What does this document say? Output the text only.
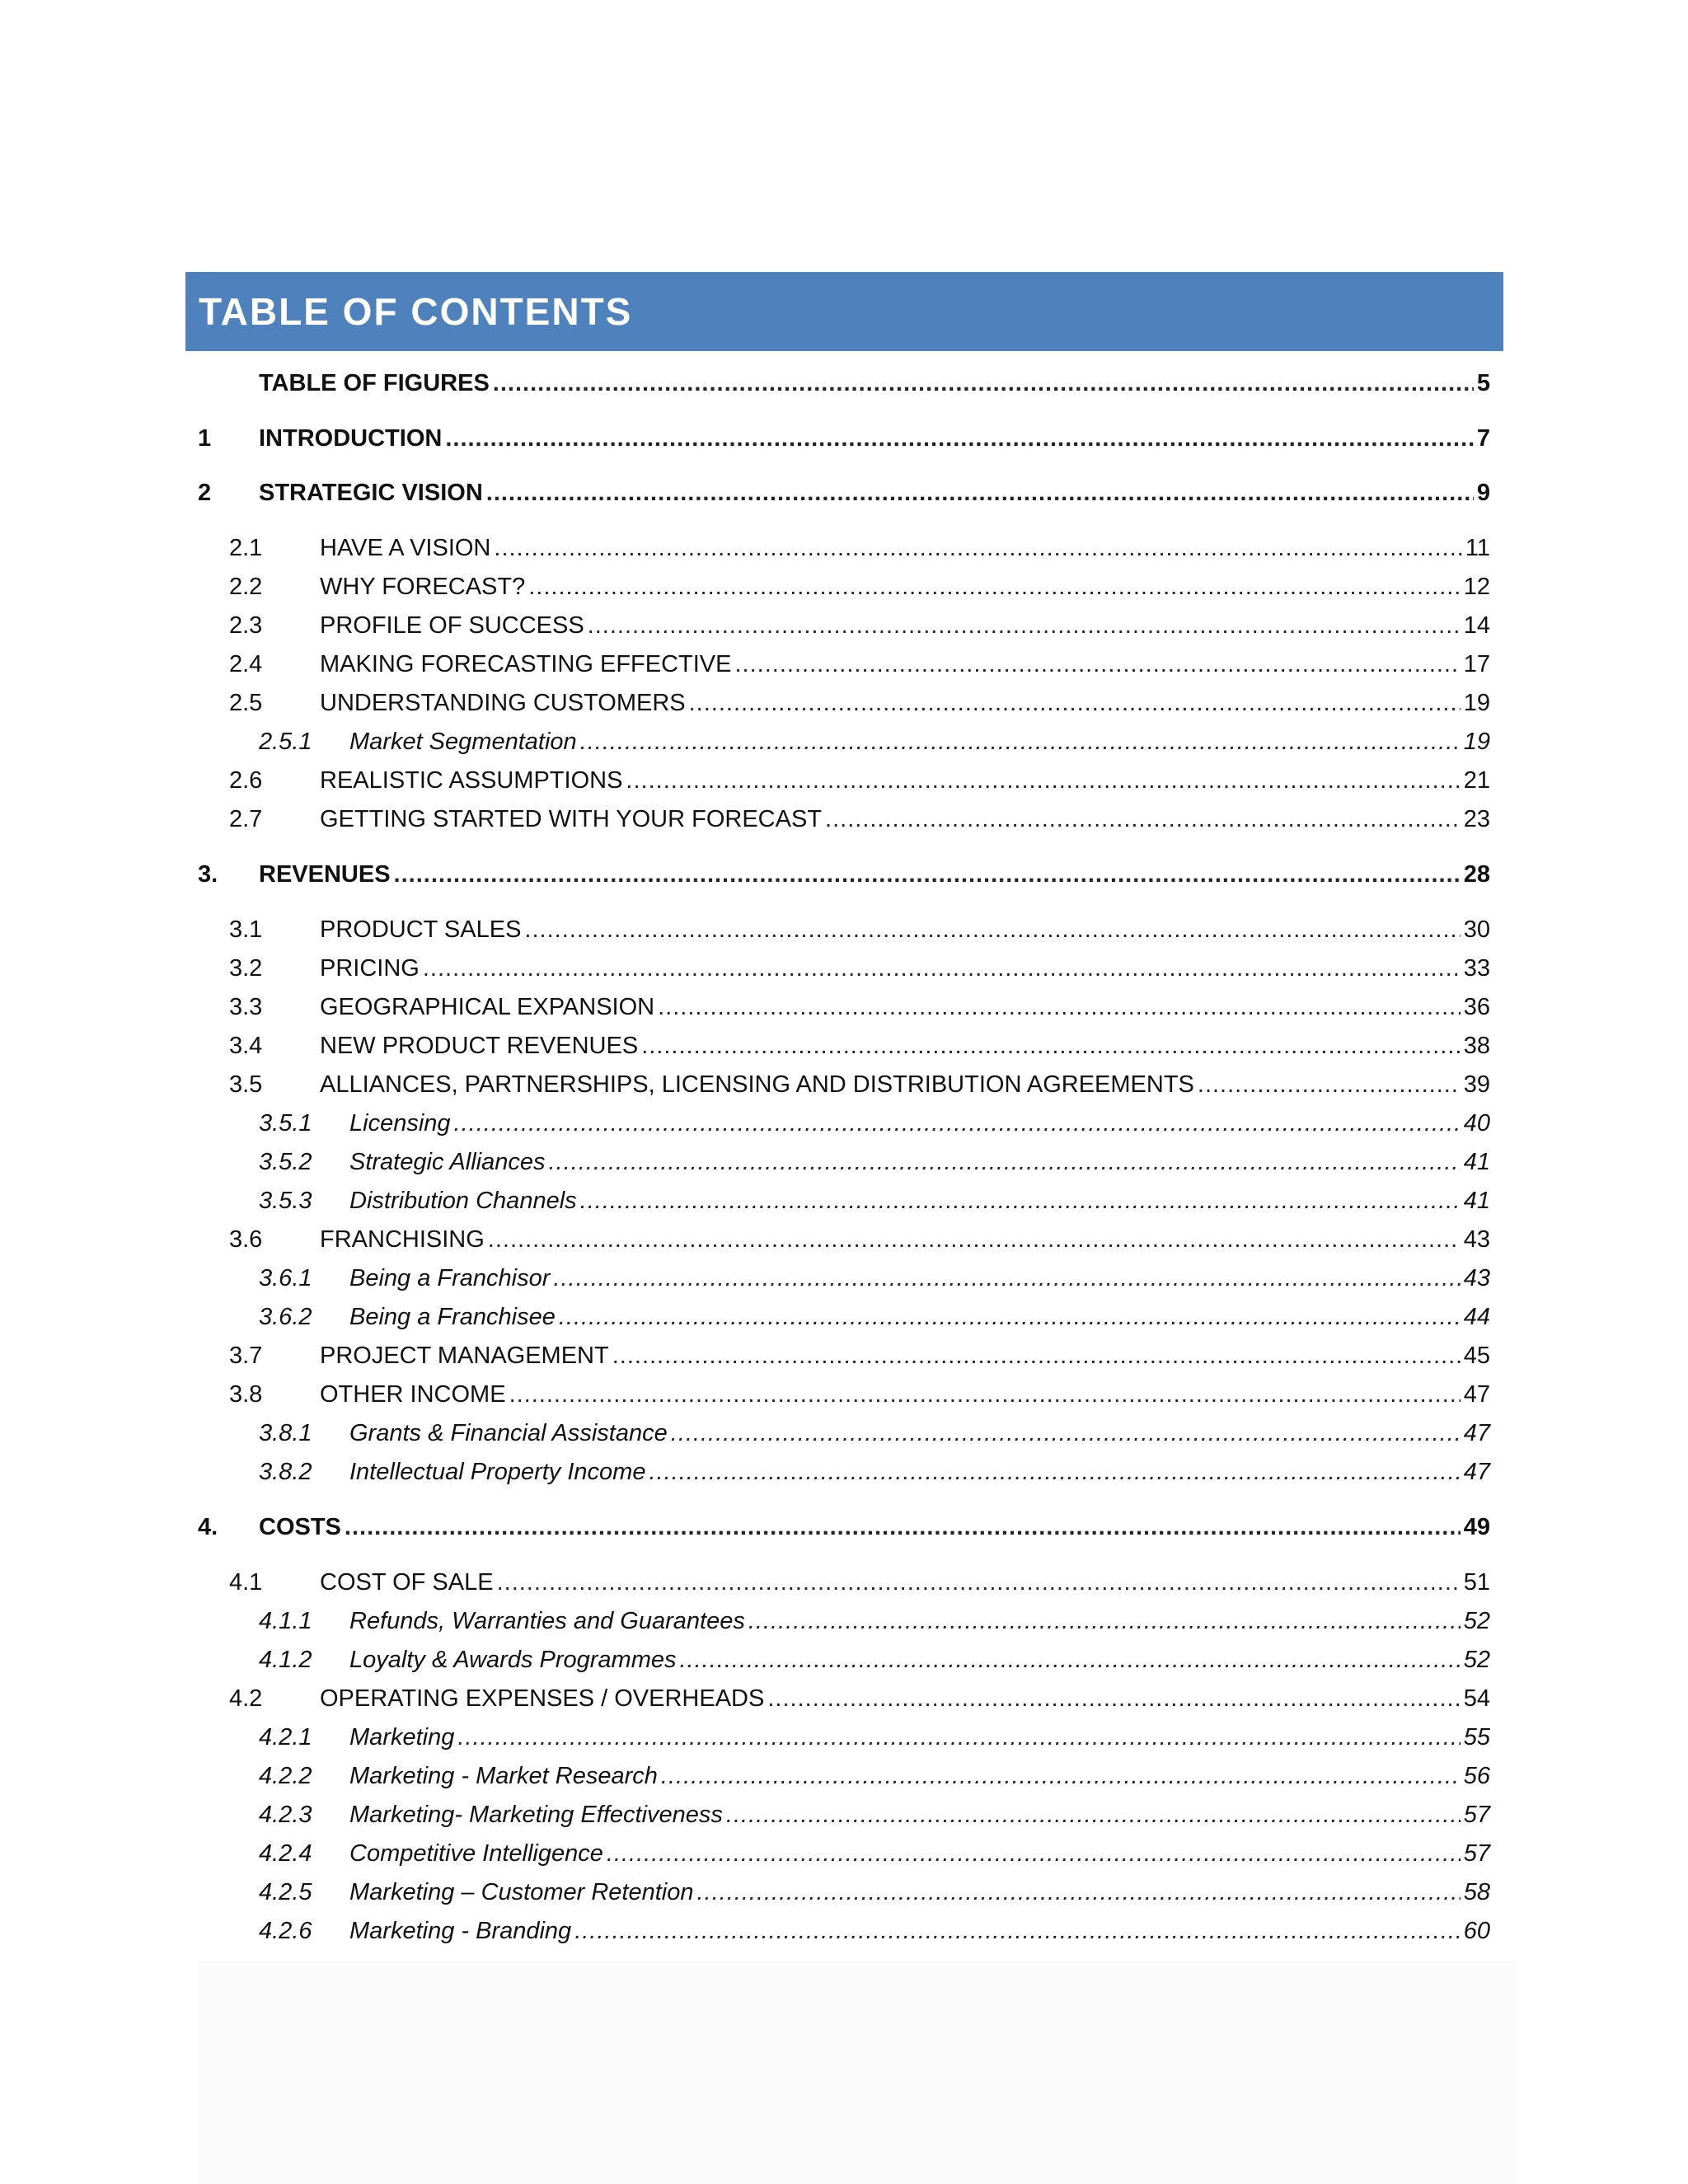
TABLE OF CONTENTS
TABLE OF FIGURES .....	5
1	INTRODUCTION .....	7
2	STRATEGIC VISION .....	9
2.1	HAVE A VISION .....	11
2.2	WHY FORECAST? .....	12
2.3	PROFILE OF SUCCESS .....	14
2.4	MAKING FORECASTING EFFECTIVE .....	17
2.5	UNDERSTANDING CUSTOMERS .....	19
2.5.1	Market Segmentation .....	19
2.6	REALISTIC ASSUMPTIONS .....	21
2.7	GETTING STARTED WITH YOUR FORECAST .....	23
3.	REVENUES .....	28
3.1	PRODUCT SALES .....	30
3.2	PRICING .....	33
3.3	GEOGRAPHICAL EXPANSION .....	36
3.4	NEW PRODUCT REVENUES .....	38
3.5	ALLIANCES, PARTNERSHIPS, LICENSING AND DISTRIBUTION AGREEMENTS .....	39
3.5.1	Licensing .....	40
3.5.2	Strategic Alliances .....	41
3.5.3	Distribution Channels .....	41
3.6	FRANCHISING .....	43
3.6.1	Being a Franchisor .....	43
3.6.2	Being a Franchisee .....	44
3.7	PROJECT MANAGEMENT .....	45
3.8	OTHER INCOME .....	47
3.8.1	Grants & Financial Assistance .....	47
3.8.2	Intellectual Property Income .....	47
4.	COSTS .....	49
4.1	COST OF SALE .....	51
4.1.1	Refunds, Warranties and Guarantees .....	52
4.1.2	Loyalty & Awards Programmes .....	52
4.2	OPERATING EXPENSES / OVERHEADS .....	54
4.2.1	Marketing .....	55
4.2.2	Marketing - Market Research .....	56
4.2.3	Marketing- Marketing Effectiveness .....	57
4.2.4	Competitive Intelligence .....	57
4.2.5	Marketing – Customer Retention .....	58
4.2.6	Marketing - Branding .....	60
